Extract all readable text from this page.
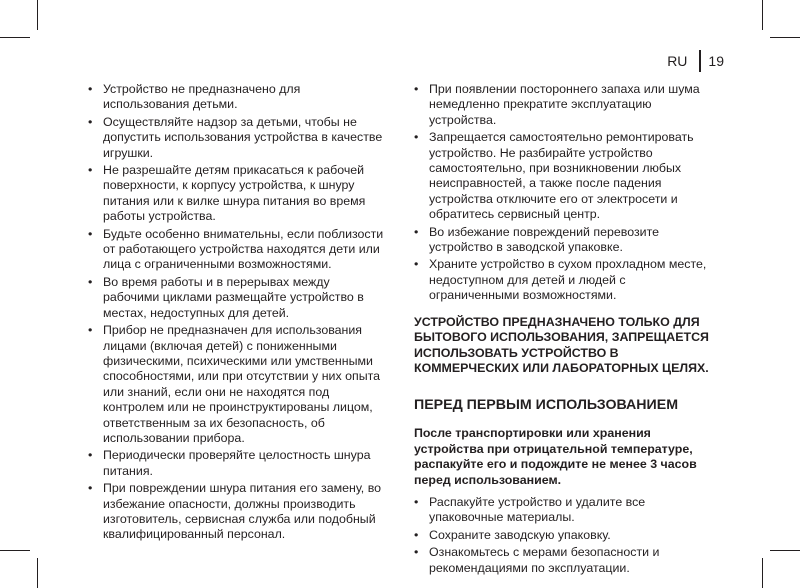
RU 19
• Устройство не предназначено для использования детьми.
• Осуществляйте надзор за детьми, чтобы не допустить использования устройства в качестве игрушки.
• Не разрешайте детям прикасаться к рабочей поверхности, к корпусу устройства, к шнуру питания или к вилке шнура питания во время работы устройства.
• Будьте особенно внимательны, если поблизости от работающего устройства находятся дети или лица с ограниченными возможностями.
• Во время работы и в перерывах между рабочими циклами размещайте устройство в местах, недоступных для детей.
• Прибор не предназначен для использования лицами (включая детей) с пониженными физическими, психическими или умственными способностями, или при отсутствии у них опыта или знаний, если они не находятся под контролем или не проинструктированы лицом, ответственным за их безопасность, об использовании прибора.
• Периодически проверяйте целостность шнура питания.
• При повреждении шнура питания его замену, во избежание опасности, должны производить изготовитель, сервисная служба или подобный квалифицированный персонал.
• При появлении постороннего запаха или шума немедленно прекратите эксплуатацию устройства.
• Запрещается самостоятельно ремонтировать устройство. Не разбирайте устройство самостоятельно, при возникновении любых неисправностей, а также после падения устройства отключите его от электросети и обратитесь сервисный центр.
• Во избежание повреждений перевозите устройство в заводской упаковке.
• Храните устройство в сухом прохладном месте, недоступном для детей и людей с ограниченными возможностями.

УСТРОЙСТВО ПРЕДНАЗНАЧЕНО ТОЛЬКО ДЛЯ БЫТОВОГО ИСПОЛЬЗОВАНИЯ, ЗАПРЕЩАЕТСЯ ИСПОЛЬЗОВАТЬ УСТРОЙСТВО В КОММЕРЧЕСКИХ ИЛИ ЛАБОРАТОРНЫХ ЦЕЛЯХ.

ПЕРЕД ПЕРВЫМ ИСПОЛЬЗОВАНИЕМ

После транспортировки или хранения устройства при отрицательной температуре, распакуйте его и подождите не менее 3 часов перед использованием.

• Распакуйте устройство и удалите все упаковочные материалы.
• Сохраните заводскую упаковку.
• Ознакомьтесь с мерами безопасности и рекомендациями по эксплуатации.
